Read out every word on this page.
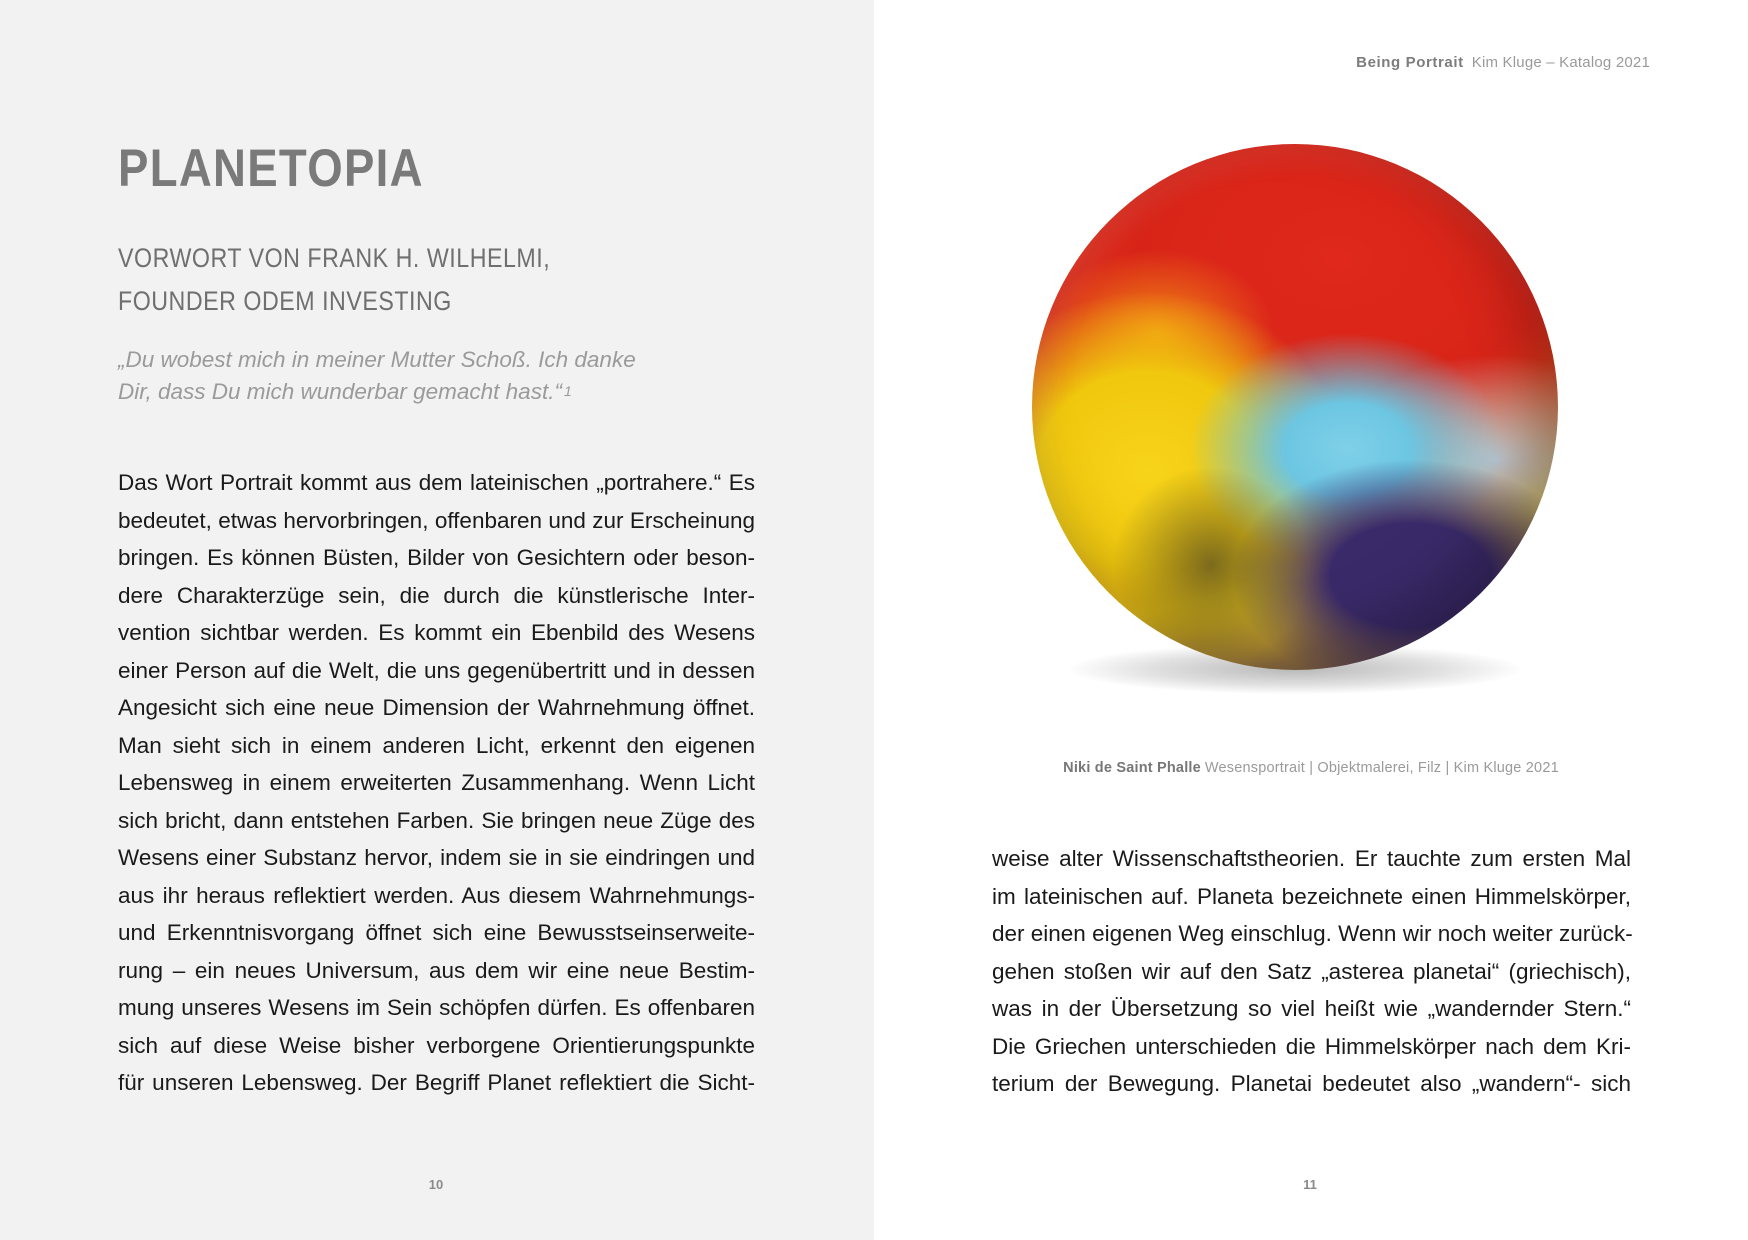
PLANETOPIA
VORWORT VON FRANK H. WILHELMI,
FOUNDER ODEM INVESTING
„Du wobest mich in meiner Mutter Schoß. Ich danke
Dir, dass Du mich wunderbar gemacht hast.“ $^1$
Das Wort Portrait kommt aus dem lateinischen „portrahere.“ Es
bedeutet, etwas hervorbringen, offenbaren und zur Erscheinung
bringen. Es können Büsten, Bilder von Gesichtern oder beson-
dere Charakterzüge sein, die durch die künstlerische Inter-
vention sichtbar werden. Es kommt ein Ebenbild des Wesens
einer Person auf die Welt, die uns gegenübertritt und in dessen
Angesicht sich eine neue Dimension der Wahrnehmung öffnet.
Man sieht sich in einem anderen Licht, erkennt den eigenen
Lebensweg in einem erweiterten Zusammenhang. Wenn Licht
sich bricht, dann entstehen Farben. Sie bringen neue Züge des
Wesens einer Substanz hervor, indem sie in sie eindringen und
aus ihr heraus reflektiert werden. Aus diesem Wahrnehmungs-
und Erkenntnisvorgang öffnet sich eine Bewusstseinserweite-
rung – ein neues Universum, aus dem wir eine neue Bestim-
mung unseres Wesens im Sein schöpfen dürfen. Es offenbaren
sich auf diese Weise bisher verborgene Orientierungspunkte
für unseren Lebensweg. Der Begriff Planet reflektiert die Sicht-
10
Being Portrait Kim Kluge – Katalog 2021
Niki de Saint Phalle Wesensportrait | Objektmalerei, Filz | Kim Kluge 2021
weise alter Wissenschaftstheorien. Er tauchte zum ersten Mal
im lateinischen auf. Planeta bezeichnete einen Himmelskörper,
der einen eigenen Weg einschlug. Wenn wir noch weiter zurück-
gehen stoßen wir auf den Satz „asterea planetai“ (griechisch),
was in der Übersetzung so viel heißt wie „wandernder Stern.“
Die Griechen unterschieden die Himmelskörper nach dem Kri-
terium der Bewegung. Planetai bedeutet also „wandern“- sich
11
